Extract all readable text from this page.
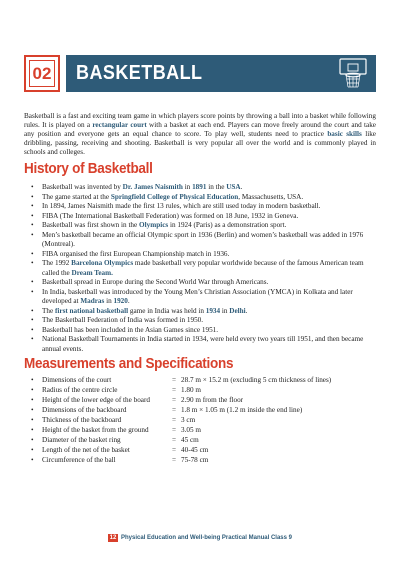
02 BASKETBALL

Basketball is a fast and exciting team game in which players score points by throwing a ball into a basket while following rules. It is played on a rectangular court with a basket at each end. Players can move freely around the court and take any position and everyone gets an equal chance to score. To play well, students need to practice basic skills like dribbling, passing, receiving and shooting. Basketball is very popular all over the world and is commonly played in schools and colleges.

History of Basketball
• Basketball was invented by Dr. James Naismith in 1891 in the USA.
• The game started at the Springfield College of Physical Education, Massachusetts, USA.
• In 1894, James Naismith made the first 13 rules, which are still used today in modern basketball.
• FIBA (The International Basketball Federation) was formed on 18 June, 1932 in Geneva.
• Basketball was first shown in the Olympics in 1924 (Paris) as a demonstration sport.
• Men’s basketball became an official Olympic sport in 1936 (Berlin) and women’s basketball was added in 1976 (Montreal).
• FIBA organised the first European Championship match in 1936.
• The 1992 Barcelona Olympics made basketball very popular worldwide because of the famous American team called the Dream Team.
• Basketball spread in Europe during the Second World War through Americans.
• In India, basketball was introduced by the Young Men’s Christian Association (YMCA) in Kolkata and later developed at Madras in 1920.
• The first national basketball game in India was held in 1934 in Delhi.
• The Basketball Federation of India was formed in 1950.
• Basketball has been included in the Asian Games since 1951.
• National Basketball Tournaments in India started in 1934, were held every two years till 1951, and then became annual events.
Measurements and Specifications
• Dimensions of the court	=	28.7 m × 15.2 m (excluding 5 cm thickness of lines)
• Radius of the centre circle	=	1.80 m
• Height of the lower edge of the board	=	2.90 m from the floor
• Dimensions of the backboard	=	1.8 m × 1.05 m (1.2 m inside the end line)
• Thickness of the backboard	=	3 cm
• Height of the basket from the ground	=	3.05 m
• Diameter of the basket ring	=	45 cm
• Length of the net of the basket	=	40-45 cm
• Circumference of the ball	=	75-78 cm
12 Physical Education and Well-being Practical Manual Class 9
